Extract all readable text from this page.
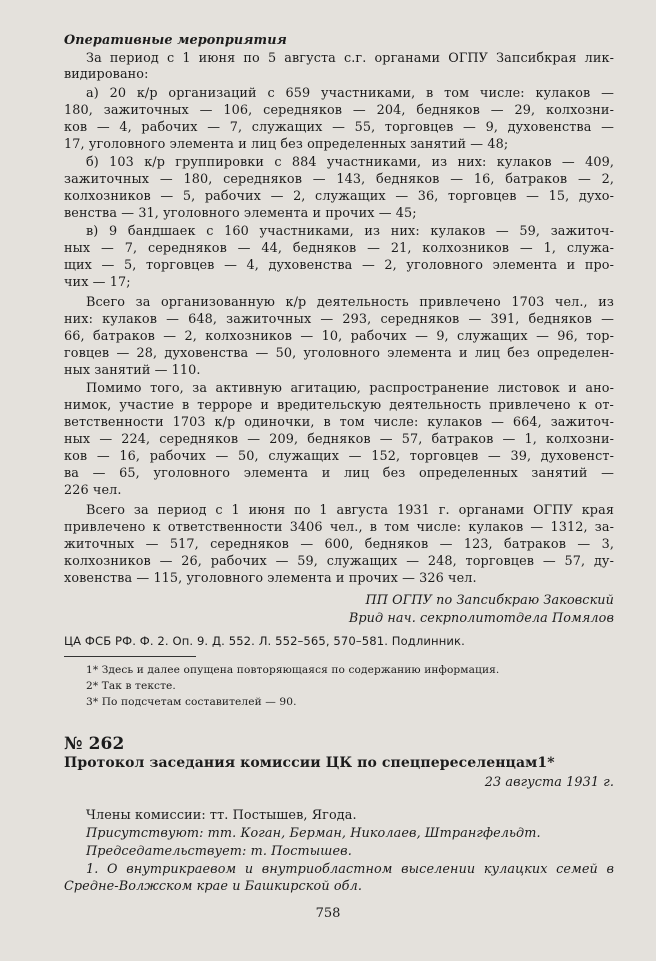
Оперативные мероприятия
За период с 1 июня по 5 августа с.г. органами ОГПУ Запсибкрая лик-
видировано:
а) 20 к/р организаций с 659 участниками, в том числе: кулаков —
180, зажиточных — 106, середняков — 204, бедняков — 29, колхозни-
ков — 4, рабочих — 7, служащих — 55, торговцев — 9, духовенства —
17, уголовного элемента и лиц без определенных занятий — 48;
б) 103 к/р группировки с 884 участниками, из них: кулаков — 409,
зажиточных — 180, середняков — 143, бедняков — 16, батраков — 2,
колхозников — 5, рабочих — 2, служащих — 36, торговцев — 15, духо-
венства — 31, уголовного элемента и прочих — 45;
в) 9 бандшаек с 160 участниками, из них: кулаков — 59, зажиточ-
ных — 7, середняков — 44, бедняков — 21, колхозников — 1, служа-
щих — 5, торговцев — 4, духовенства — 2, уголовного элемента и про-
чих — 17;
Всего за организованную к/р деятельность привлечено 1703 чел., из
них: кулаков — 648, зажиточных — 293, середняков — 391, бедняков —
66, батраков — 2, колхозников — 10, рабочих — 9, служащих — 96, тор-
говцев — 28, духовенства — 50, уголовного элемента и лиц без определен-
ных занятий — 110.
Помимо того, за активную агитацию, распространение листовок и ано-
нимок, участие в терроре и вредительскую деятельность привлечено к от-
ветственности 1703 к/р одиночки, в том числе: кулаков — 664, зажиточ-
ных — 224, середняков — 209, бедняков — 57, батраков — 1, колхозни-
ков — 16, рабочих — 50, служащих — 152, торговцев — 39, духовенст-
ва — 65, уголовного элемента и лиц без определенных занятий —
226 чел.
Всего за период с 1 июня по 1 августа 1931 г. органами ОГПУ края
привлечено к ответственности 3406 чел., в том числе: кулаков — 1312, за-
житочных — 517, середняков — 600, бедняков — 123, батраков — 3,
колхозников — 26, рабочих — 59, служащих — 248, торговцев — 57, ду-
ховенства — 115, уголовного элемента и прочих — 326 чел.
ПП ОГПУ по Запсибкраю Заковский
Врид нач. секрполитотдела Помялов
ЦА ФСБ РФ. Ф. 2. Оп. 9. Д. 552. Л. 552–565, 570–581. Подлинник.
1* Здесь и далее опущена повторяющаяся по содержанию информация.
2* Так в тексте.
3* По подсчетам составителей — 90.
№ 262
Протокол заседания комиссии ЦК по спецпереселенцам1*
23 августа 1931 г.
Члены комиссии: тт. Постышев, Ягода.
Присутствуют: тт. Коган, Берман, Николаев, Штрангфельдт.
Председательствует: т. Постышев.
1. О внутрикраевом и внутриобластном выселении кулацких семей в
Средне-Волжском крае и Башкирской обл.
758
